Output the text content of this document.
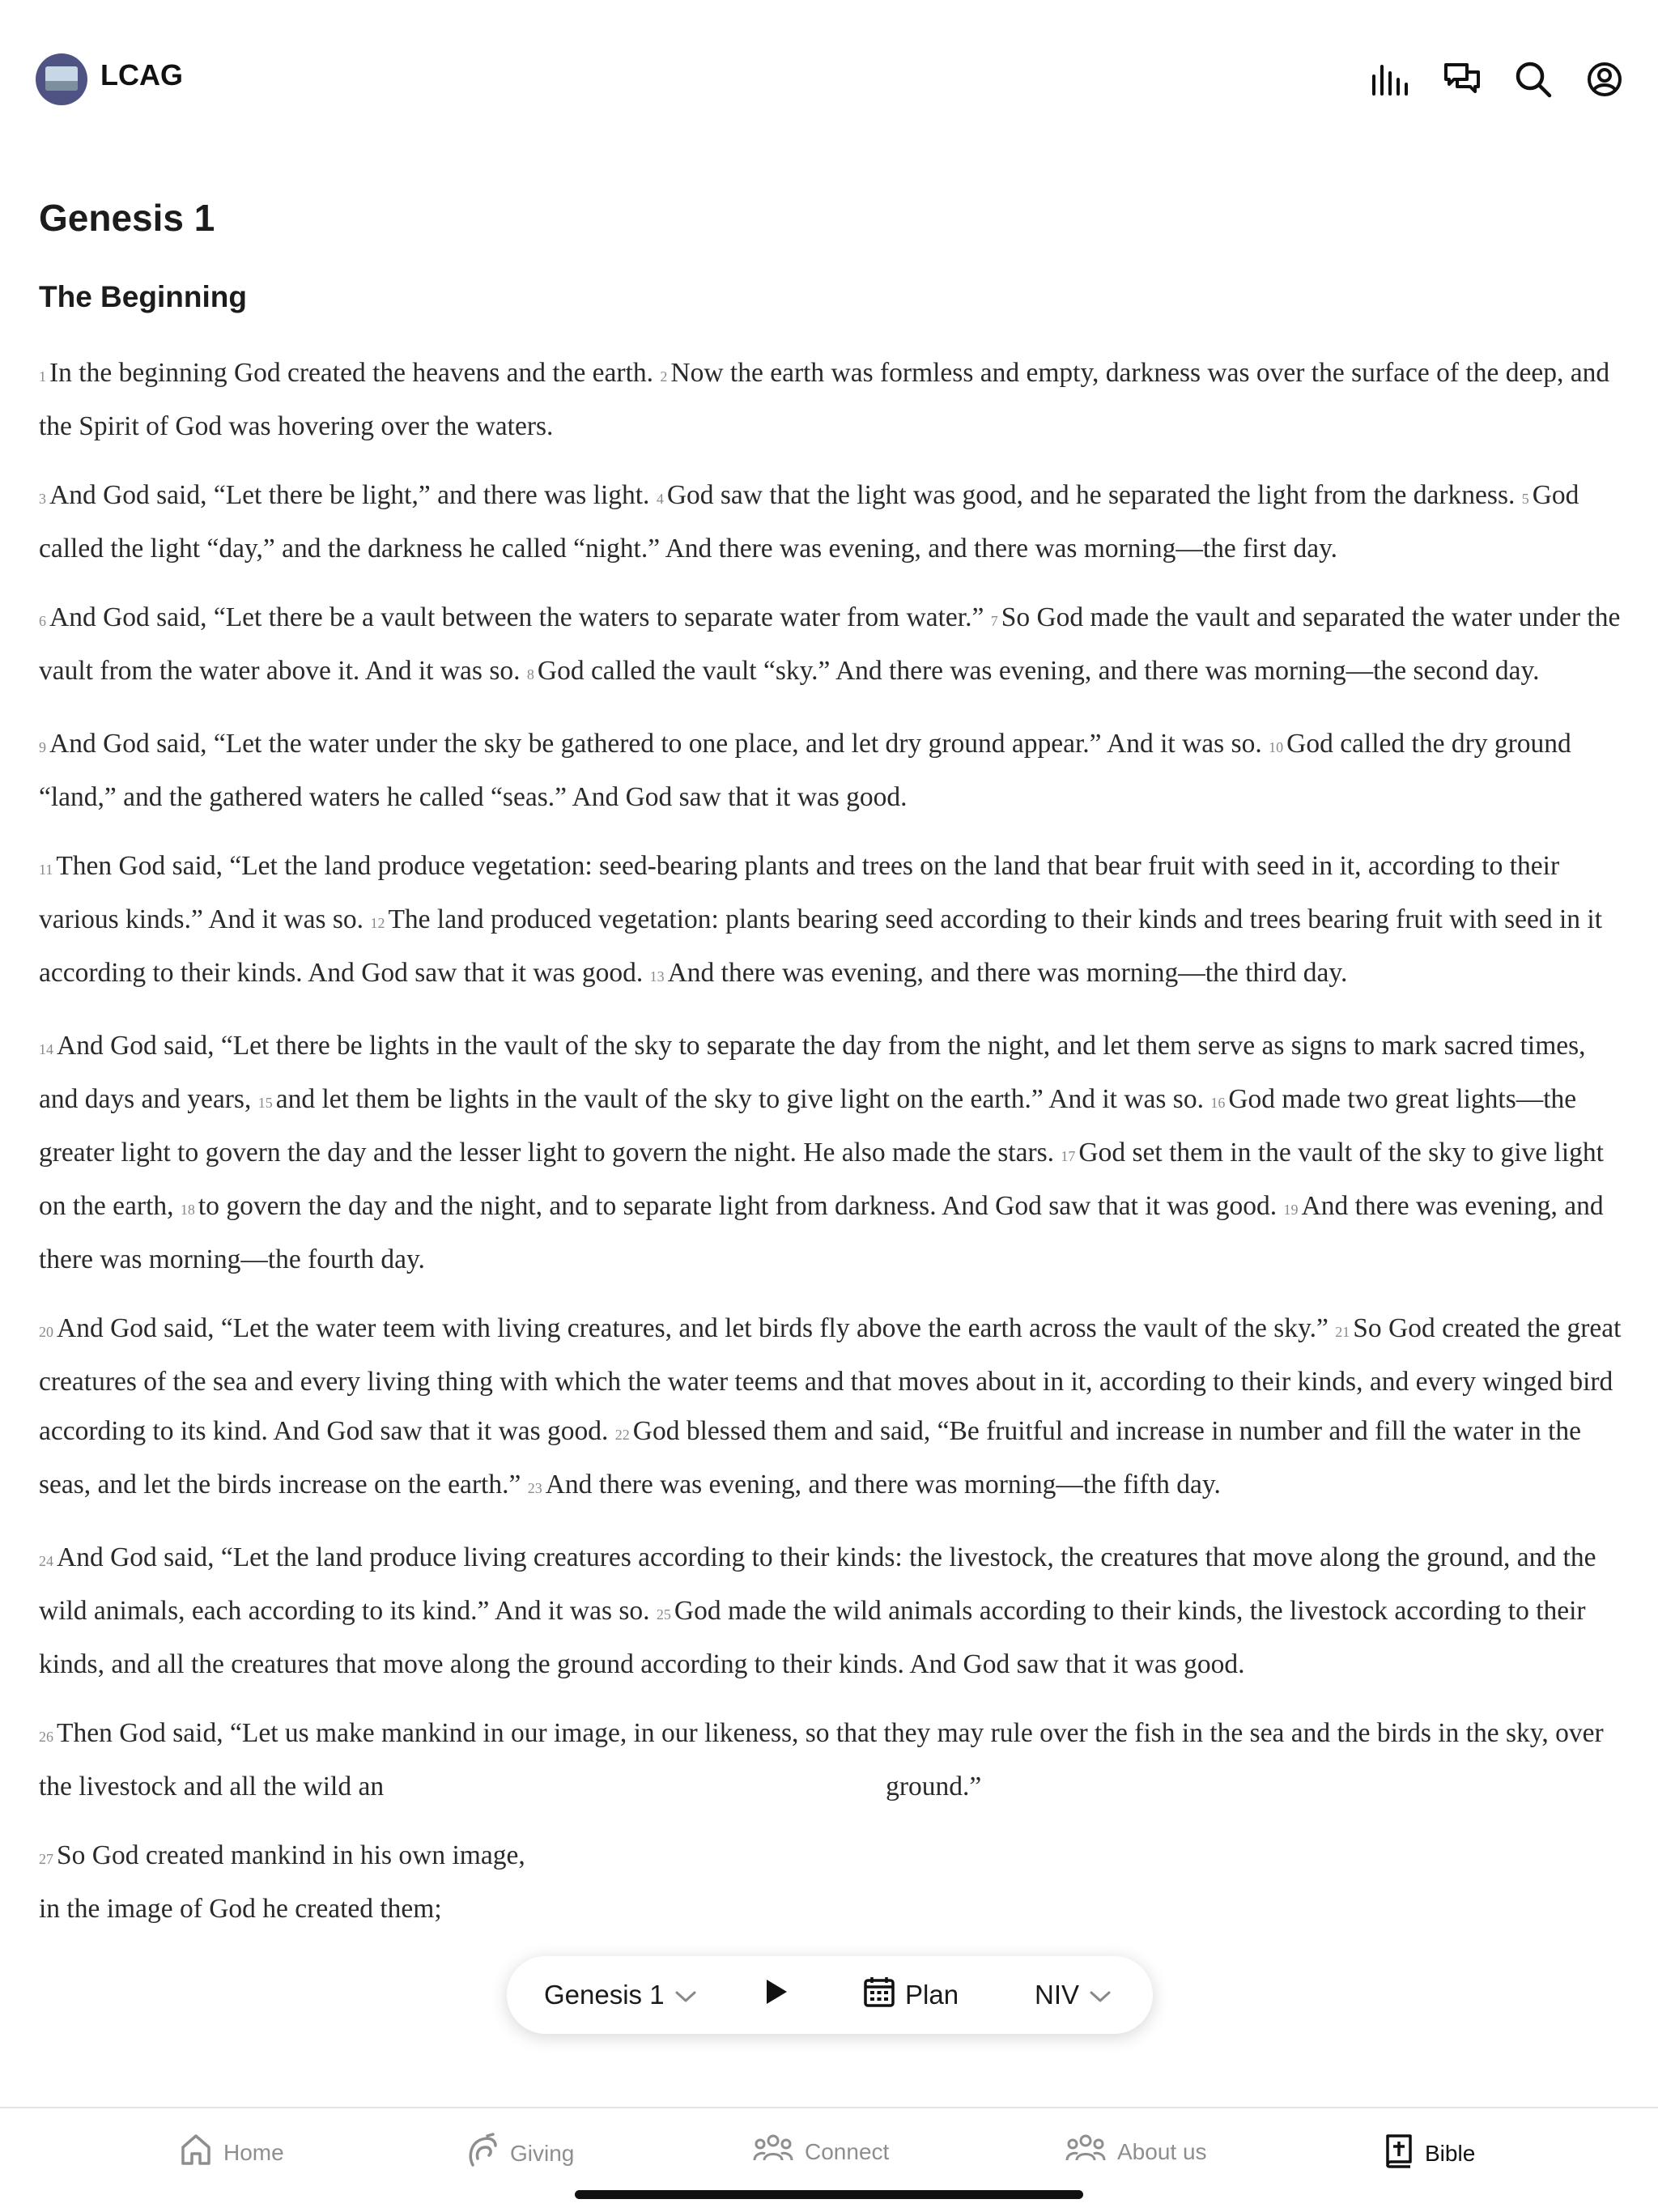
LCAG
Genesis 1
The Beginning

1 In the beginning God created the heavens and the earth. 2 Now the earth was formless and empty, darkness was over the surface of the deep, and the Spirit of God was hovering over the waters.

3 And God said, “Let there be light,” and there was light. 4 God saw that the light was good, and he separated the light from the darkness. 5 God called the light “day,” and the darkness he called “night.” And there was evening, and there was morning—the first day.

6 And God said, “Let there be a vault between the waters to separate water from water.” 7 So God made the vault and separated the water under the vault from the water above it. And it was so. 8 God called the vault “sky.” And there was evening, and there was morning—the second day.

9 And God said, “Let the water under the sky be gathered to one place, and let dry ground appear.” And it was so. 10 God called the dry ground “land,” and the gathered waters he called “seas.” And God saw that it was good.

11 Then God said, “Let the land produce vegetation: seed-bearing plants and trees on the land that bear fruit with seed in it, according to their various kinds.” And it was so. 12 The land produced vegetation: plants bearing seed according to their kinds and trees bearing fruit with seed in it according to their kinds. And God saw that it was good. 13 And there was evening, and there was morning—the third day.

14 And God said, “Let there be lights in the vault of the sky to separate the day from the night, and let them serve as signs to mark sacred times, and days and years, 15 and let them be lights in the vault of the sky to give light on the earth.” And it was so. 16 God made two great lights—the greater light to govern the day and the lesser light to govern the night. He also made the stars. 17 God set them in the vault of the sky to give light on the earth, 18 to govern the day and the night, and to separate light from darkness. And God saw that it was good. 19 And there was evening, and there was morning—the fourth day.

20 And God said, “Let the water teem with living creatures, and let birds fly above the earth across the vault of the sky.” 21 So God created the great creatures of the sea and every living thing with which the water teems and that moves about in it, according to their kinds, and every winged bird according to its kind. And God saw that it was good. 22 God blessed them and said, “Be fruitful and increase in number and fill the water in the seas, and let the birds increase on the earth.” 23 And there was evening, and there was morning—the fifth day.

24 And God said, “Let the land produce living creatures according to their kinds: the livestock, the creatures that move along the ground, and the wild animals, each according to its kind.” And it was so. 25 God made the wild animals according to their kinds, the livestock according to their kinds, and all the creatures that move along the ground according to their kinds. And God saw that it was good.

26 Then God said, “Let us make mankind in our image, in our likeness, so that they may rule over the fish in the sea and the birds in the sky, over the livestock and all the wild an	ground.”

27 So God created mankind in his own image,
in the image of God he created them;

Genesis 1	Plan	NIV
Home	Giving	Connect	About us	Bible
